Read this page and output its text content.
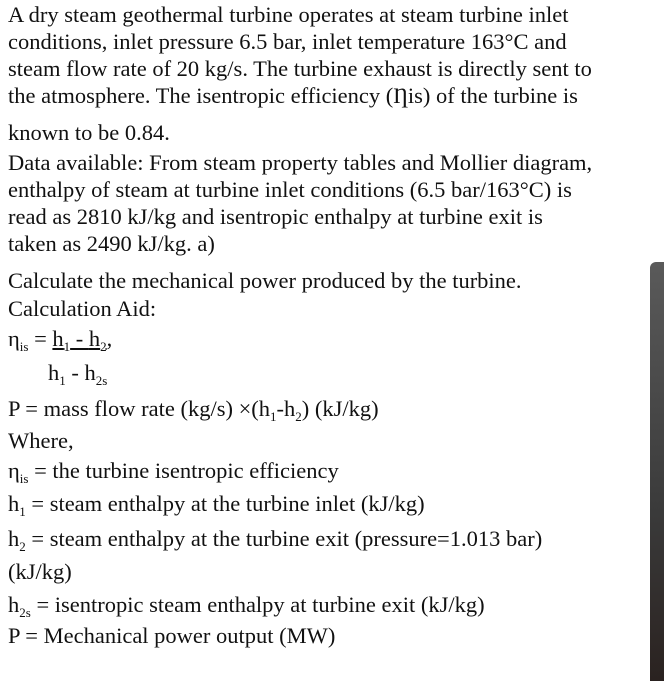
A dry steam geothermal turbine operates at steam turbine inlet
conditions, inlet pressure 6.5 bar, inlet temperature 163°C and
steam flow rate of 20 kg/s. The turbine exhaust is directly sent to
the atmosphere. The isentropic efficiency (Ƞis) of the turbine is
known to be 0.84.
Data available: From steam property tables and Mollier diagram,
enthalpy of steam at turbine inlet conditions (6.5 bar/163°C) is
read as 2810 kJ/kg and isentropic enthalpy at turbine exit is
taken as 2490 kJ/kg. a)
Calculate the mechanical power produced by the turbine.
Calculation Aid:
$\eta_{is} = h_1 - h_2$,
$h_1 - h_{2s}$
P = mass flow rate $(kg/s) \times(h_1-h_2)$ (kJ/kg)
Where,
$\eta_{is}$ = the turbine isentropic efficiency
$h_1$ = steam enthalpy at the turbine inlet (kJ/kg)
$h_2$ = steam enthalpy at the turbine exit (pressure=1.013 bar)
(kJ/kg)
$h_{2s}$ = isentropic steam enthalpy at turbine exit (kJ/kg)
P = Mechanical power output (MW)
